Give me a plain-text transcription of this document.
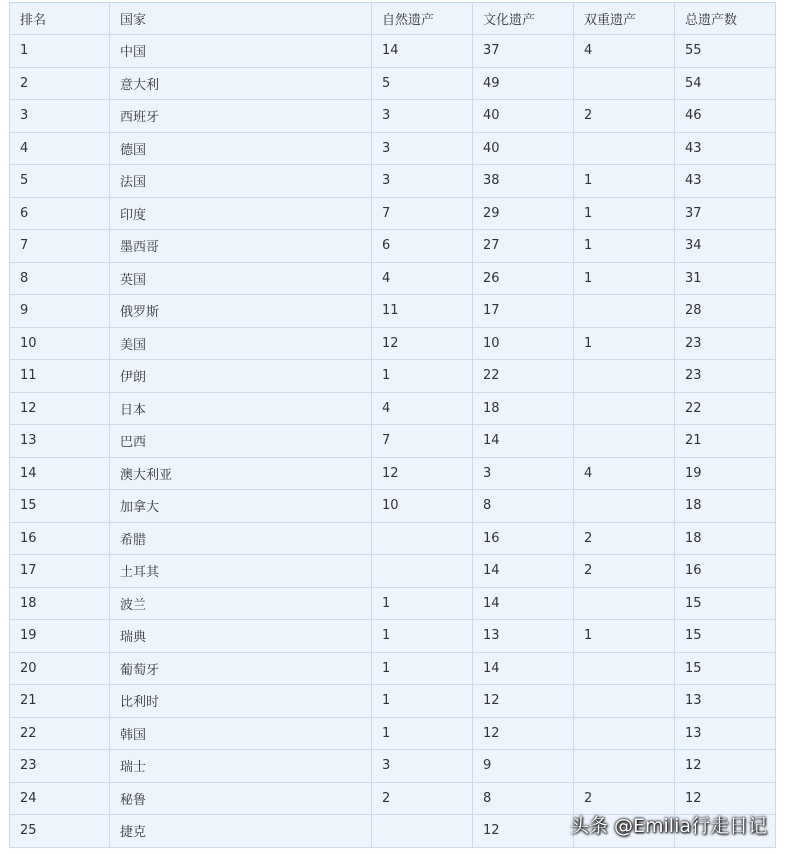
排名	国家	自然遗产	文化遗产	双重遗产	总遗产数
1	中国	14	37	4	55
2	意大利	5	49		54
3	西班牙	3	40	2	46
4	德国	3	40		43
5	法国	3	38	1	43
6	印度	7	29	1	37
7	墨西哥	6	27	1	34
8	英国	4	26	1	31
9	俄罗斯	11	17		28
10	美国	12	10	1	23
11	伊朗	1	22		23
12	日本	4	18		22
13	巴西	7	14		21
14	澳大利亚	12	3	4	19
15	加拿大	10	8		18
16	希腊		16	2	18
17	土耳其		14	2	16
18	波兰	1	14		15
19	瑞典	1	13	1	15
20	葡萄牙	1	14		15
21	比利时	1	12		13
22	韩国	1	12		13
23	瑞士	3	9		12
24	秘鲁	2	8	2	12
25	捷克		12			头条 @Emilia行走日记
